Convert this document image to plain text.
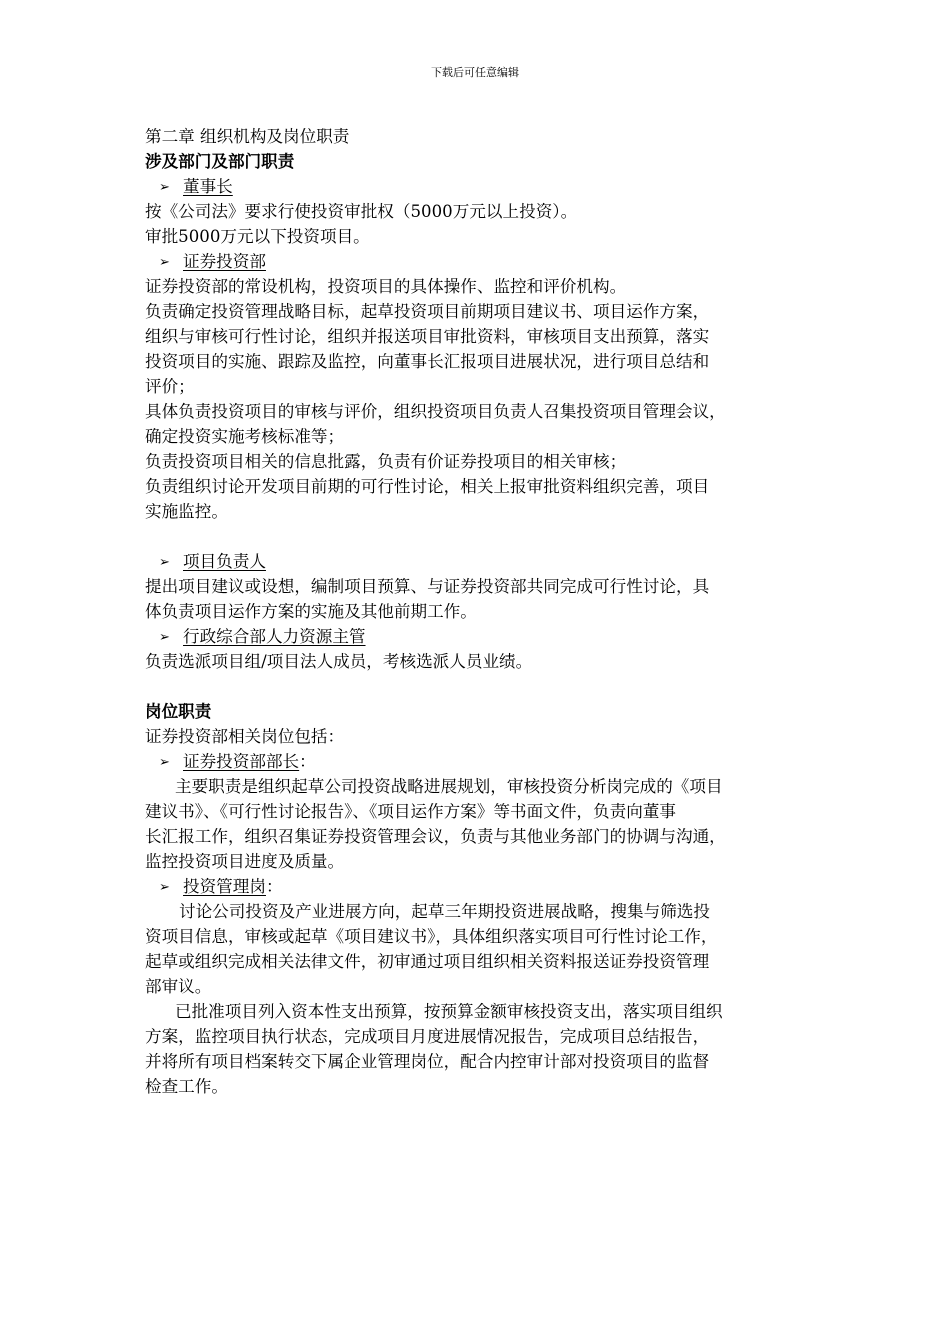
下载后可任意编辑
第二章 组织机构及岗位职责
涉及部门及部门职责
➢ 董事长
按《公司法》要求行使投资审批权（5000万元以上投资）。
审批5000万元以下投资项目。
➢ 证券投资部
证券投资部的常设机构，投资项目的具体操作、监控和评价机构。
负责确定投资管理战略目标，起草投资项目前期项目建议书、项目运作方案，
组织与审核可行性讨论，组织并报送项目审批资料，审核项目支出预算，落实
投资项目的实施、跟踪及监控，向董事长汇报项目进展状况，进行项目总结和
评价；
具体负责投资项目的审核与评价，组织投资项目负责人召集投资项目管理会议，
确定投资实施考核标准等；
负责投资项目相关的信息批露，负责有价证券投项目的相关审核；
负责组织讨论开发项目前期的可行性讨论，相关上报审批资料组织完善，项目
实施监控。
➢ 项目负责人
提出项目建议或设想，编制项目预算、与证券投资部共同完成可行性讨论，具
体负责项目运作方案的实施及其他前期工作。
➢ 行政综合部人力资源主管
负责选派项目组/项目法人成员，考核选派人员业绩。
岗位职责
证券投资部相关岗位包括：
➢ 证券投资部部长：
主要职责是组织起草公司投资战略进展规划，审核投资分析岗完成的《项目
建议书》、《可行性讨论报告》、《项目运作方案》等书面文件，负责向董事
长汇报工作，组织召集证券投资管理会议，负责与其他业务部门的协调与沟通，
监控投资项目进度及质量。
➢ 投资管理岗：
讨论公司投资及产业进展方向，起草三年期投资进展战略，搜集与筛选投
资项目信息，审核或起草《项目建议书》，具体组织落实项目可行性讨论工作，
起草或组织完成相关法律文件，初审通过项目组织相关资料报送证券投资管理
部审议。
已批准项目列入资本性支出预算，按预算金额审核投资支出，落实项目组织
方案，监控项目执行状态，完成项目月度进展情况报告，完成项目总结报告，
并将所有项目档案转交下属企业管理岗位，配合内控审计部对投资项目的监督
检查工作。
